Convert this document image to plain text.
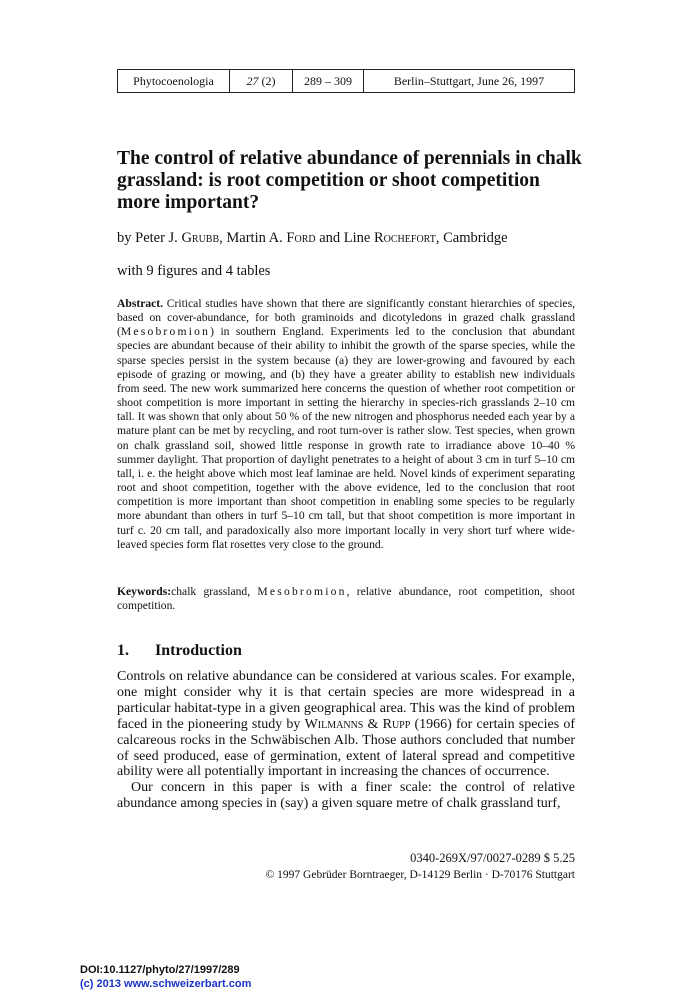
Phytocoenologia	27 (2)	289 – 309	Berlin–Stuttgart, June 26, 1997
The control of relative abundance of perennials in chalk grassland: is root competition or shoot competition more important?

by Peter J. Grubb, Martin A. Ford and Line Rochefort, Cambridge

with 9 figures and 4 tables

Abstract. Critical studies have shown that there are significantly constant hierarchies of species, based on cover-abundance, for both graminoids and dicotyledons in grazed chalk grassland (Mesobromion) in southern England. Experiments led to the conclusion that abundant species are abundant because of their ability to inhibit the growth of the sparse species, while the sparse species persist in the system because (a) they are lower-growing and favoured by each episode of grazing or mowing, and (b) they have a greater ability to establish new individuals from seed. The new work summarized here concerns the question of whether root competition or shoot competition is more important in setting the hierarchy in species-rich grasslands 2–10 cm tall. It was shown that only about 50 % of the new nitrogen and phosphorus needed each year by a mature plant can be met by recycling, and root turn-over is rather slow. Test species, when grown on chalk grassland soil, showed little response in growth rate to irradiance above 10–40 % summer daylight. That proportion of daylight penetrates to a height of about 3 cm in turf 5–10 cm tall, i. e. the height above which most leaf laminae are held. Novel kinds of experiment separating root and shoot competition, together with the above evidence, led to the conclusion that root competition is more important than shoot competition in enabling some species to be regularly more abundant than others in turf 5–10 cm tall, but that shoot competition is more important in turf c. 20 cm tall, and paradoxically also more important locally in very short turf where wide-leaved species form flat rosettes very close to the ground.

Keywords:chalk grassland, Mesobromion, relative abundance, root competition, shoot competition.

1. Introduction

Controls on relative abundance can be considered at various scales. For example, one might consider why it is that certain species are more widespread in a particular habitat-type in a given geographical area. This was the kind of problem faced in the pioneering study by Wilmanns & Rupp (1966) for certain species of calcareous rocks in the Schwäbischen Alb. Those authors concluded that number of seed produced, ease of germination, extent of lateral spread and competitive ability were all potentially important in increasing the chances of occurrence.

Our concern in this paper is with a finer scale: the control of relative abundance among species in (say) a given square metre of chalk grassland turf,

0340-269X/97/0027-0289 $ 5.25

© 1997 Gebrüder Borntraeger, D-14129 Berlin · D-70176 Stuttgart

DOI:10.1127/phyto/27/1997/289

(c) 2013 www.schweizerbart.com
